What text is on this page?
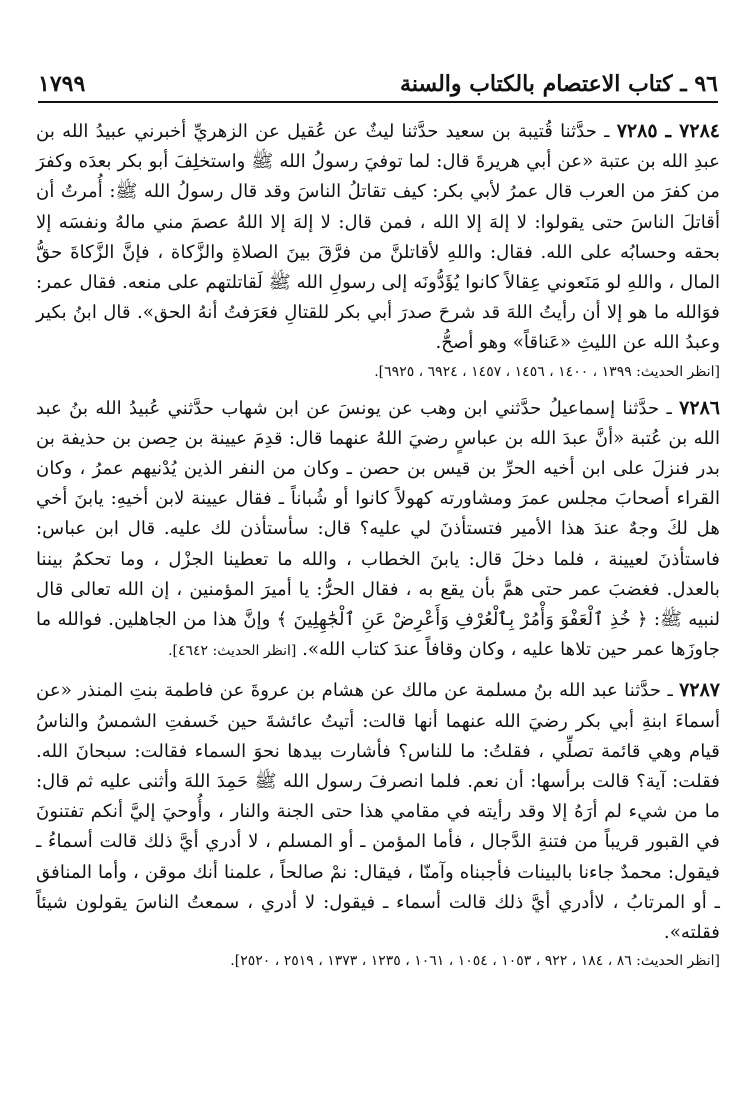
٩٦ ـ كتاب الاعتصام بالكتاب والسنة
١٧٩٩

٧٢٨٤ ـ ٧٢٨٥ ـ حدَّثنا قُتيبة بن سعيد حدَّثنا ليثٌ عن عُقيل عن الزهريِّ أخبرني عبيدُ الله بن عبدِ الله بن عتبة «عن أبي هريرةَ قال: لما توفيَ رسولُ الله ﷺ واستخلِفَ أبو بكر بعدَه وكفرَ من كفرَ من العرب قال عمرُ لأبي بكر: كيف تقاتلُ الناسَ وقد قال رسولُ الله ﷺ: أُمرتُ أن أقاتلَ الناسَ حتى يقولوا: لا إلهَ إلا الله ، فمن قال: لا إلهَ إلا اللهُ عصمَ مني مالهُ ونفسَه إلا بحقه وحسابُه على الله. فقال: واللهِ لأقاتلنَّ من فرَّقَ بينَ الصلاةِ والزَّكاة ، فإنَّ الزَّكاةَ حقُّ المال ، واللهِ لو مَنَعوني عِقالاً كانوا يُؤَدُّونَه إلى رسولِ الله ﷺ لَقاتلتهم على منعه. فقال عمر: فوَالله ما هو إلا أن رأيتُ اللهَ قد شرحَ صدرَ أبي بكر للقتالِ فعَرَفتُ أنهُ الحق». قال ابنُ بكير وعبدُ الله عن الليثِ «عَناقاً» وهو أصحُّ.

[انظر الحديث: ١٣٩٩ ، ١٤٠٠ ، ١٤٥٦ ، ١٤٥٧ ، ٦٩٢٤ ، ٦٩٢٥].

٧٢٨٦ ـ حدَّثنا إسماعيلُ حدَّثني ابن وهب عن يونسَ عن ابن شهاب حدَّثني عُبيدُ الله بنُ عبد الله بن عُتبة «أنَّ عبدَ الله بن عباسٍ رضيَ اللهُ عنهما قال: قدِمَ عيينة بن حِصن بن حذيفة بن بدر فنزلَ على ابن أخيه الحرِّ بن قيس بن حصن ـ وكان من النفر الذين يُدْنيهم عمرُ ، وكان القراء أصحابَ مجلس عمرَ ومشاورته كهولاً كانوا أو شُباناً ـ فقال عيينة لابن أخيهِ: يابنَ أخي هل لكَ وجهٌ عندَ هذا الأمير فتستأذنَ لي عليه؟ قال: سأستأذن لك عليه. قال ابن عباس: فاستأذنَ لعيينة ، فلما دخلَ قال: يابنَ الخطاب ، والله ما تعطينا الجزْل ، وما تحكمُ بيننا بالعدل. فغضبَ عمر حتى همَّ بأن يقع به ، فقال الحرُّ: يا أميرَ المؤمنين ، إن الله تعالى قال لنبيه ﷺ: ﴿ خُذِ ٱلْعَفْوَ وَأْمُرْ بِٱلْعُرْفِ وَأَعْرِضْ عَنِ ٱلْجَٰهِلِينَ ﴾ وإنَّ هذا من الجاهلين. فوالله ما جاوزَها عمر حين تلاها عليه ، وكان وقافاً عندَ كتاب الله». [انظر الحديث: ٤٦٤٢].

٧٢٨٧ ـ حدَّثنا عبد الله بنُ مسلمة عن مالك عن هشام بن عروةَ عن فاطمة بنتِ المنذر «عن أسماءَ ابنةِ أبي بكر رضيَ الله عنهما أنها قالت: أتيتُ عائشةَ حين خَسفتِ الشمسُ والناسُ قيام وهي قائمة تصلِّي ، فقلتُ: ما للناس؟ فأشارت بيدها نحوَ السماء فقالت: سبحانَ الله. فقلت: آية؟ قالت برأسها: أن نعم. فلما انصرفَ رسول الله ﷺ حَمِدَ اللهَ وأثنى عليه ثم قال: ما من شيء لم أرَهُ إلا وقد رأيته في مقامي هذا حتى الجنة والنار ، وأُوحيَ إليَّ أنكم تفتنونَ في القبور قريباً من فتنةِ الدَّجال ، فأما المؤمن ـ أو المسلم ، لا أدري أيَّ ذلك قالت أسماءُ ـ فيقول: محمدٌ جاءنا بالبينات فأجبناه وآمنّا ، فيقال: نمْ صالحاً ، علمنا أنك موقن ، وأما المنافق ـ أو المرتابُ ، لاأدري أيَّ ذلك قالت أسماء ـ فيقول: لا أدري ، سمعتُ الناسَ يقولون شيئاً فقلته».

[انظر الحديث: ٨٦ ، ١٨٤ ، ٩٢٢ ، ١٠٥٣ ، ١٠٥٤ ، ١٠٦١ ، ١٢٣٥ ، ١٣٧٣ ، ٢٥١٩ ، ٢٥٢٠].
